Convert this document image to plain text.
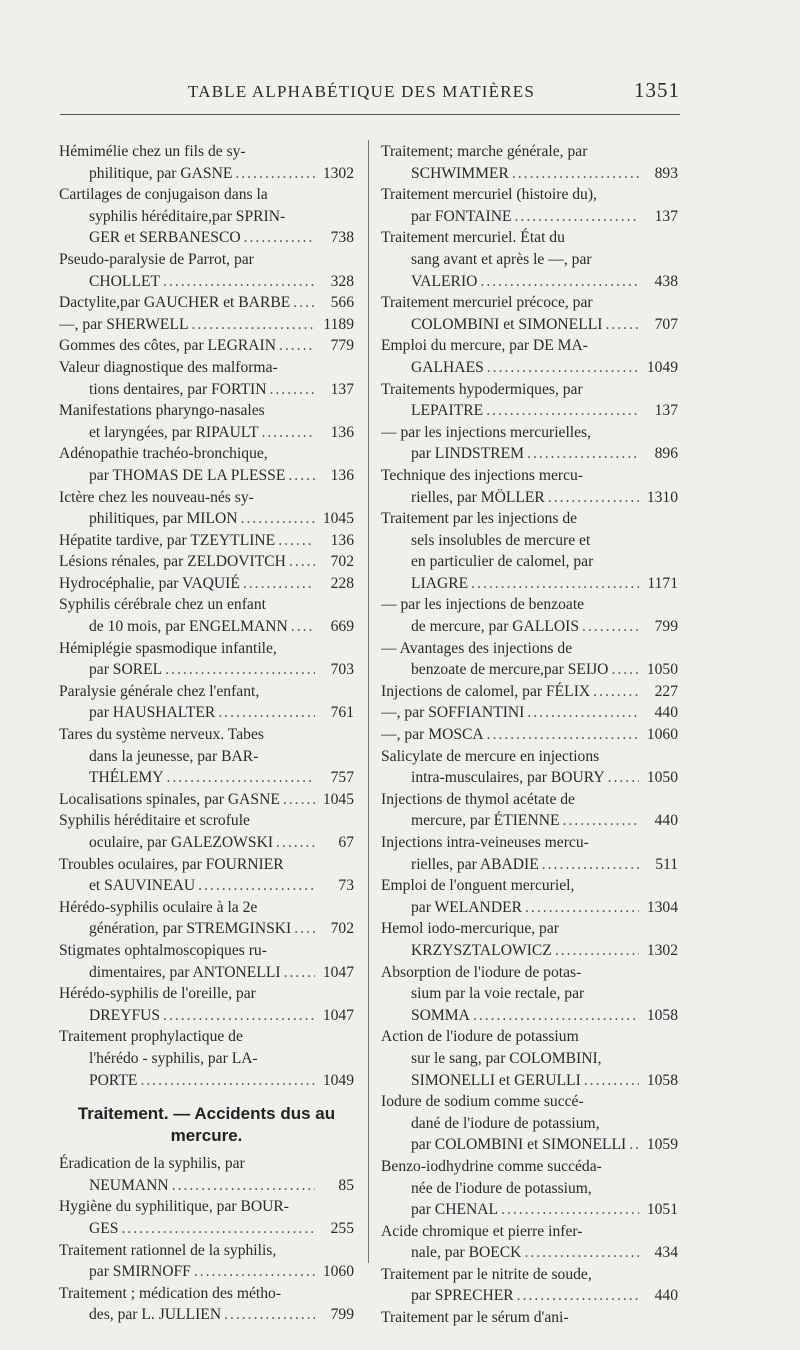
TABLE ALPHABÉTIQUE DES MATIÈRES	1351
Hémimélie chez un fils de sy-
philitique, par GASNE .....	1302
Cartilages de conjugaison dans la
syphilis héréditaire,par SPRIN-
GER et SERBANESCO .....	738
Pseudo-paralysie de Parrot, par
CHOLLET .....	328
Dactylite,par GAUCHER et BARBE .....	566
—, par SHERWELL .....	1189
Gommes des côtes, par LEGRAIN .....	779
Valeur diagnostique des malforma-
tions dentaires, par FORTIN .....	137
Manifestations pharyngo-nasales
et laryngées, par RIPAULT .....	136
Adénopathie trachéo-bronchique,
par THOMAS DE LA PLESSE .....	136
Ictère chez les nouveau-nés sy-
philitiques, par MILON .....	1045
Hépatite tardive, par TZEYTLINE .....	136
Lésions rénales, par ZELDOVITCH .....	702
Hydrocéphalie, par VAQUIÉ .....	228
Syphilis cérébrale chez un enfant
de 10 mois, par ENGELMANN .....	669
Hémiplégie spasmodique infantile,
par SOREL .....	703
Paralysie générale chez l'enfant,
par HAUSHALTER .....	761
Tares du système nerveux. Tabes
dans la jeunesse, par BAR-
THÉLEMY .....	757
Localisations spinales, par GASNE .....	1045
Syphilis héréditaire et scrofule
oculaire, par GALEZOWSKI .....	67
Troubles oculaires, par FOURNIER
et SAUVINEAU .....	73
Hérédo-syphilis oculaire à la 2e
génération, par STREMGINSKI .....	702
Stigmates ophtalmoscopiques ru-
dimentaires, par ANTONELLI .....	1047
Hérédo-syphilis de l'oreille, par
DREYFUS .....	1047
Traitement prophylactique de
l'hérédo - syphilis, par LA-
PORTE .....	1049
Traitement. — Accidents dus au mercure.
Éradication de la syphilis, par
NEUMANN .....	85
Hygiène du syphilitique, par BOUR-
GES .....	255
Traitement rationnel de la syphilis,
par SMIRNOFF .....	1060
Traitement ; médication des métho-
des, par L. JULLIEN .....	799
Traitement; marche générale, par
SCHWIMMER .....	893
Traitement mercuriel (histoire du),
par FONTAINE .....	137
Traitement mercuriel. État du
sang avant et après le —, par
VALERIO .....	438
Traitement mercuriel précoce, par
COLOMBINI et SIMONELLI .....	707
Emploi du mercure, par DE MA-
GALHAES .....	1049
Traitements hypodermiques, par
LEPAITRE .....	137
— par les injections mercurielles,
par LINDSTREM .....	896
Technique des injections mercu-
rielles, par MÖLLER .....	1310
Traitement par les injections de
sels insolubles de mercure et
en particulier de calomel, par
LIAGRE .....	1171
— par les injections de benzoate
de mercure, par GALLOIS .....	799
— Avantages des injections de
benzoate de mercure,par SEIJO .....	1050
Injections de calomel, par FÉLIX .....	227
—, par SOFFIANTINI .....	440
—, par MOSCA .....	1060
Salicylate de mercure en injections
intra-musculaires, par BOURY .....	1050
Injections de thymol acétate de
mercure, par ÉTIENNE .....	440
Injections intra-veineuses mercu-
rielles, par ABADIE .....	511
Emploi de l'onguent mercuriel,
par WELANDER .....	1304
Hemol iodo-mercurique, par
KRZYSZTALOWICZ .....	1302
Absorption de l'iodure de potas-
sium par la voie rectale, par
SOMMA .....	1058
Action de l'iodure de potassium
sur le sang, par COLOMBINI,
SIMONELLI et GERULLI .....	1058
Iodure de sodium comme succé-
dané de l'iodure de potassium,
par COLOMBINI et SIMONELLI .....	1059
Benzo-iodhydrine comme succéda-
née de l'iodure de potassium,
par CHENAL .....	1051
Acide chromique et pierre infer-
nale, par BOECK .....	434
Traitement par le nitrite de soude,
par SPRECHER .....	440
Traitement par le sérum d'ani-
